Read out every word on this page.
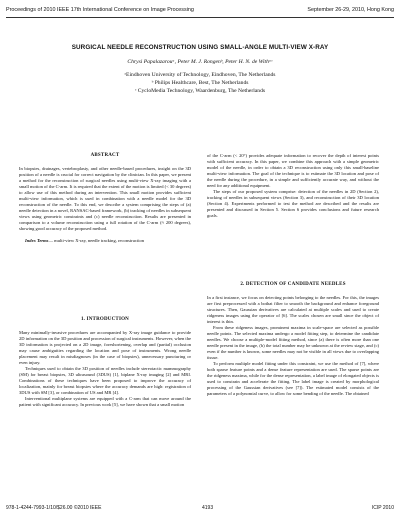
Proceedings of 2010 IEEE 17th International Conference on Image Processing	September 26-29, 2010, Hong Kong
SURGICAL NEEDLE RECONSTRUCTION USING SMALL-ANGLE MULTI-VIEW X-RAY
Chrysi Papalazarouᵃ, Peter M. J. Rongenᵇ, Peter H. N. de Withᵃᶜ
ᵃEindhoven University of Technology, Eindhoven, The Netherlands
ᵇ Philips Healthcare, Best, The Netherlands
ᶜ CycloMedia Technology, Waardenburg, The Netherlands
ABSTRACT

In biopsies, drainages, vertebroplasty, and other needle-based procedures, insight on the 3D position of a needle is crucial for correct navigation by the clinician. In this paper, we present a method for the reconstruction of surgical needles using multi-view X-ray imaging with a small motion of the C-arm. It is required that the extent of the motion is limited (< 30 degrees) to allow use of this method during an intervention. This small motion provides sufficient multi-view information, which is used in combination with a needle model for the 3D reconstruction of the needle. To this end, we describe a system comprising the steps of (a) needle detection in a novel, RANSAC-based framework, (b) tracking of needles in subsequent views using geometric constraints and (c) needle reconstruction. Results are presented in comparison to a volume reconstruction using a full rotation of the C-arm (≈ 200 degrees), showing good accuracy of the proposed method.

Index Terms— multi-view X-ray, needle tracking, reconstruction

1. INTRODUCTION

Many minimally-invasive procedures are accompanied by X-ray image guidance to provide 2D information on the 3D position and procession of surgical instruments. However, when the 3D information is projected on a 2D image, foreshortening, overlap and (partial) occlusion may cause ambiguities regarding the location and pose of instruments. Wrong needle placement may result in misdiagnoses (in the case of biopsies), unnecessary puncturing or even injury.

Techniques used to obtain the 3D position of needles include stereotactic mammography (SM) for breast biopsies, 3D ultrasound (3DUS) [1], biplane X-ray imaging [2] and MRI. Combinations of these techniques have been proposed to improve the accuracy of localization, mainly for breast biopsies where the accuracy demands are high: registration of 3DUS with SM [3], or combination of US and MR [4].

Interventional multiplane systems are equipped with a C-arm that can move around the patient with significant accuracy. In previous work [5], we have shown that a small motion

of the C-arm (< 20°) provides adequate information to recover the depth of interest points with sufficient accuracy. In this paper, we combine this approach with a simple geometric model of the needle, in order to obtain a 3D reconstruction using only this small-baseline multi-view information. The goal of the technique is to estimate the 3D location and pose of the needle during the procedure, in a simple and sufficiently accurate way, and without the need for any additional equipment.

The steps of our proposed system comprise: detection of the needles in 2D (Section 2), tracking of needles in subsequent views (Section 3), and reconstruction of their 3D location (Section 4). Experiments performed to test the method are described and the results are presented and discussed in Section 5. Section 6 provides conclusions and future research goals.

2. DETECTION OF CANDIDATE NEEDLES

In a first instance, we focus on detecting points belonging to the needles. For this, the images are first preprocessed with a bothat filter to smooth the background and enhance foreground structures. Then, Gaussian derivatives are calculated at multiple scales and used to create ridgeness images using the operator of [6]. The scales chosen are small since the object of interest is thin.

From these ridgeness images, prominent maxima in scale-space are selected as possible needle points. The selected maxima undergo a model fitting step, to determine the candidate needles. We choose a multiple-model fitting method, since (a) there is often more than one needle present in the image, (b) the total number may be unknown at the review stage, and (c) even if the number is known, some needles may not be visible in all views due to overlapping tissue.

To perform multiple model fitting under this constraint, we use the method of [7], where both sparse feature points and a dense feature representation are used. The sparse points are the ridgeness maxima, while for the dense representation, a label image of elongated objects is used to constrain and accelerate the fitting. The label image is created by morphological processing of the Gaussian derivatives (see [7]). The estimated model consists of the parameters of a polynomial curve, to allow for some bending of the needle. The obtained

978-1-4244-7993-1/10/$26.00 ©2010 IEEE	4193	ICIP 2010
